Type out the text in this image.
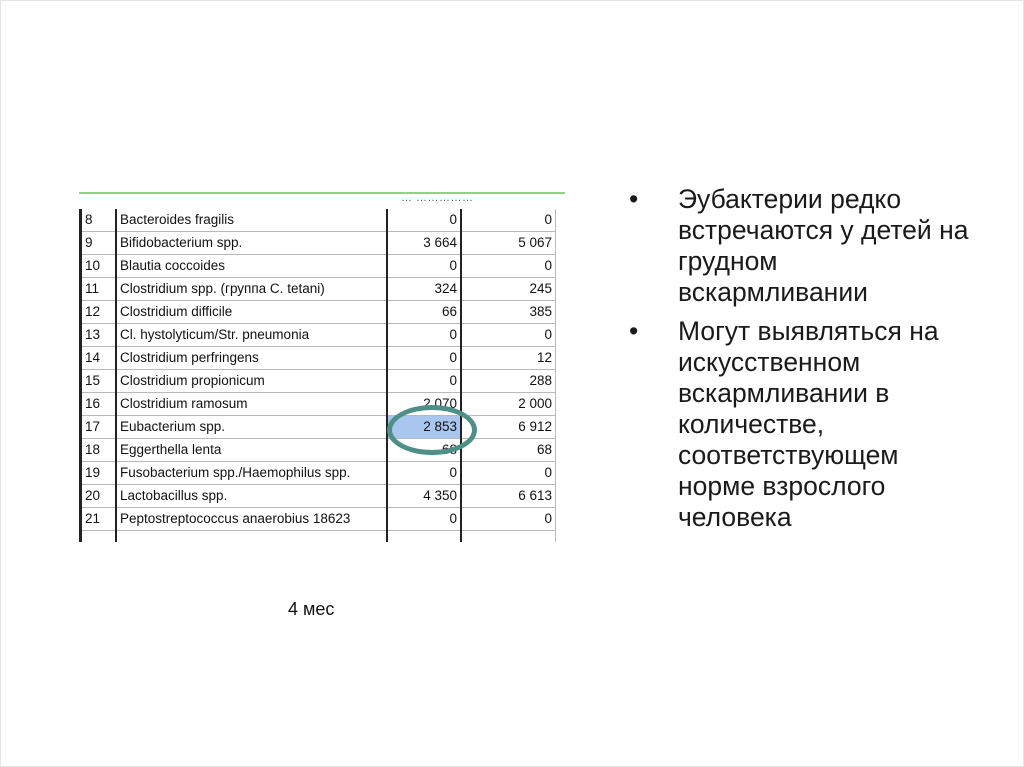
… ……………
8	Bacteroides fragilis	0	0
9	Bifidobacterium spp.	3 664	5 067
10	Blautia coccoides	0	0
11	Clostridium spp. (группа C. tetani)	324	245
12	Clostridium difficile	66	385
13	Cl. hystolyticum/Str. pneumonia	0	0
14	Clostridium perfringens	0	12
15	Clostridium propionicum	0	288
16	Clostridium ramosum	2 070	2 000
17	Eubacterium spp.	2 853	6 912
18	Eggerthella lenta	68	68
19	Fusobacterium spp./Haemophilus spp.	0	0
20	Lactobacillus spp.	4 350	6 613
21	Peptostreptococcus anaerobius 18623	0	0

4 мес
• Эубактерии редко встречаются у детей на грудном вскармливании
• Могут выявляться на искусственном вскармливании в количестве, соответствующем норме взрослого человека
